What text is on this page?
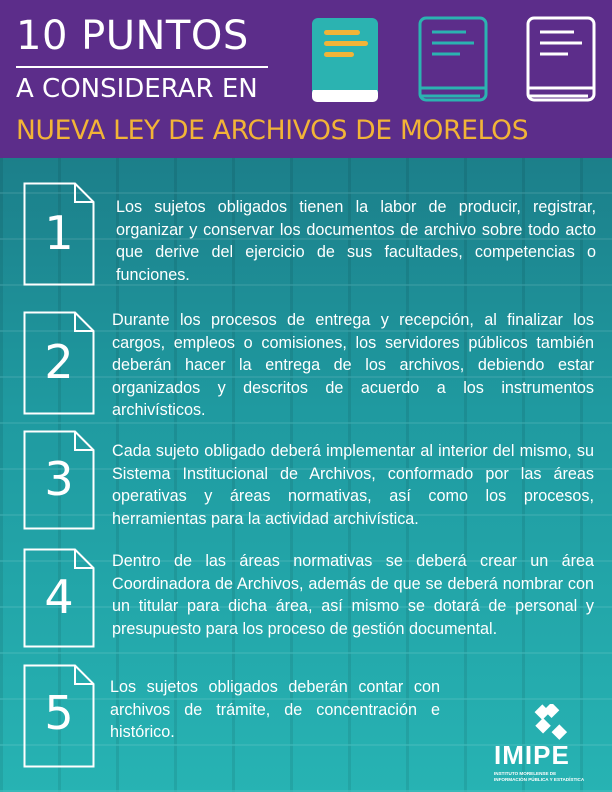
10 PUNTOS
A CONSIDERAR EN
NUEVA LEY DE ARCHIVOS DE MORELOS
1	Los sujetos obligados tienen la labor de producir, registrar, organizar y conservar los documentos de archivo sobre todo acto que derive del ejercicio de sus facultades, competencias o funciones.
2
Durante los procesos de entrega y recepción, al finalizar los cargos, empleos o comisiones, los servidores públicos también deberán hacer la entrega de los archivos, debiendo estar organizados y descritos de acuerdo a los instrumentos archivísticos.
3
Cada sujeto obligado deberá implementar al interior del mismo, su Sistema Institucional de Archivos, conformado por las áreas operativas y áreas normativas, así como los procesos, herramientas para la actividad archivística.
4
Dentro de las áreas normativas se deberá crear un área Coordinadora de Archivos, además de que se deberá nombrar con un titular para dicha área, así mismo se dotará de personal y presupuesto para los proceso de gestión documental.
5	Los sujetos obligados deberán contar con archivos de trámite, de concentración e histórico.
IMIPE
INSTITUTO MORELENSE DE
INFORMACIÓN PÚBLICA Y ESTADÍSTICA
